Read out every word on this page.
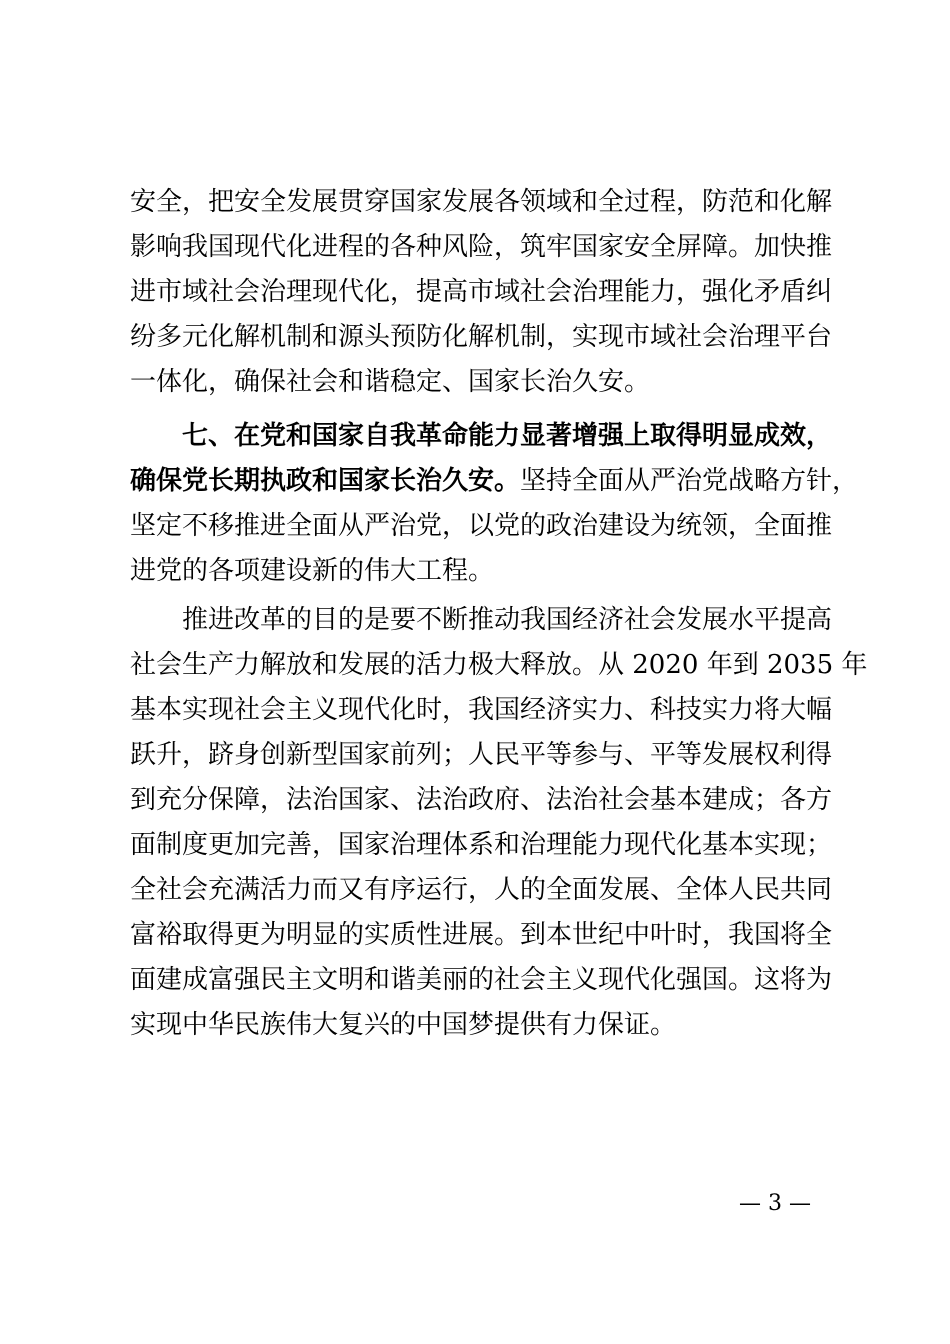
安全，把安全发展贯穿国家发展各领域和全过程，防范和化解
影响我国现代化进程的各种风险，筑牢国家安全屏障。加快推
进市域社会治理现代化，提高市域社会治理能力，强化矛盾纠
纷多元化解机制和源头预防化解机制，实现市域社会治理平台
一体化，确保社会和谐稳定、国家长治久安。
七、在党和国家自我革命能力显著增强上取得明显成效，
确保党长期执政和国家长治久安。坚持全面从严治党战略方针，
坚定不移推进全面从严治党，以党的政治建设为统领，全面推
进党的各项建设新的伟大工程。
推进改革的目的是要不断推动我国经济社会发展水平提高
社会生产力解放和发展的活力极大释放。从 2020 年到 2035 年
基本实现社会主义现代化时，我国经济实力、科技实力将大幅
跃升，跻身创新型国家前列；人民平等参与、平等发展权利得
到充分保障，法治国家、法治政府、法治社会基本建成；各方
面制度更加完善，国家治理体系和治理能力现代化基本实现；
全社会充满活力而又有序运行，人的全面发展、全体人民共同
富裕取得更为明显的实质性进展。到本世纪中叶时，我国将全
面建成富强民主文明和谐美丽的社会主义现代化强国。这将为
实现中华民族伟大复兴的中国梦提供有力保证。
— 3 —
